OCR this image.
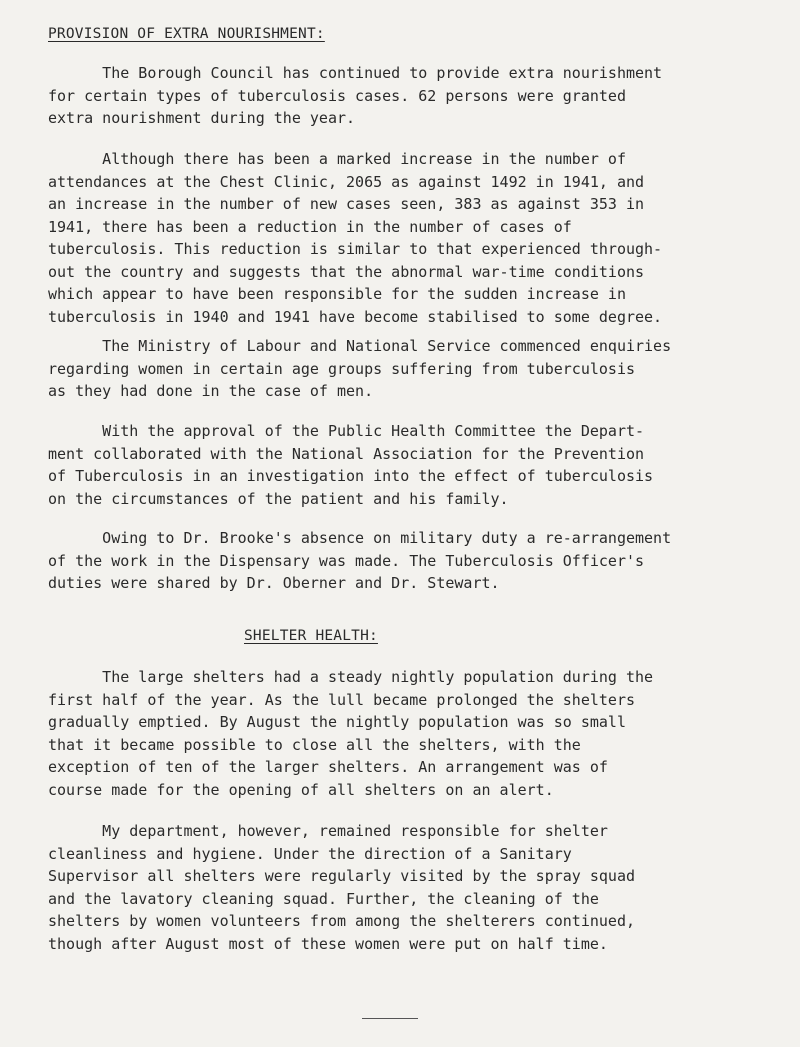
PROVISION OF EXTRA NOURISHMENT:
The Borough Council has continued to provide extra nourishment
for certain types of tuberculosis cases. 62 persons were granted
extra nourishment during the year.
Although there has been a marked increase in the number of
attendances at the Chest Clinic, 2065 as against 1492 in 1941, and
an increase in the number of new cases seen, 383 as against 353 in
1941, there has been a reduction in the number of cases of
tuberculosis. This reduction is similar to that experienced through-
out the country and suggests that the abnormal war-time conditions
which appear to have been responsible for the sudden increase in
tuberculosis in 1940 and 1941 have become stabilised to some degree.
The Ministry of Labour and National Service commenced enquiries
regarding women in certain age groups suffering from tuberculosis
as they had done in the case of men.
With the approval of the Public Health Committee the Depart-
ment collaborated with the National Association for the Prevention
of Tuberculosis in an investigation into the effect of tuberculosis
on the circumstances of the patient and his family.
Owing to Dr. Brooke's absence on military duty a re-arrangement
of the work in the Dispensary was made. The Tuberculosis Officer's
duties were shared by Dr. Oberner and Dr. Stewart.
SHELTER HEALTH:
The large shelters had a steady nightly population during the
first half of the year. As the lull became prolonged the shelters
gradually emptied. By August the nightly population was so small
that it became possible to close all the shelters, with the
exception of ten of the larger shelters. An arrangement was of
course made for the opening of all shelters on an alert.
My department, however, remained responsible for shelter
cleanliness and hygiene. Under the direction of a Sanitary
Supervisor all shelters were regularly visited by the spray squad
and the lavatory cleaning squad. Further, the cleaning of the
shelters by women volunteers from among the shelterers continued,
though after August most of these women were put on half time.
